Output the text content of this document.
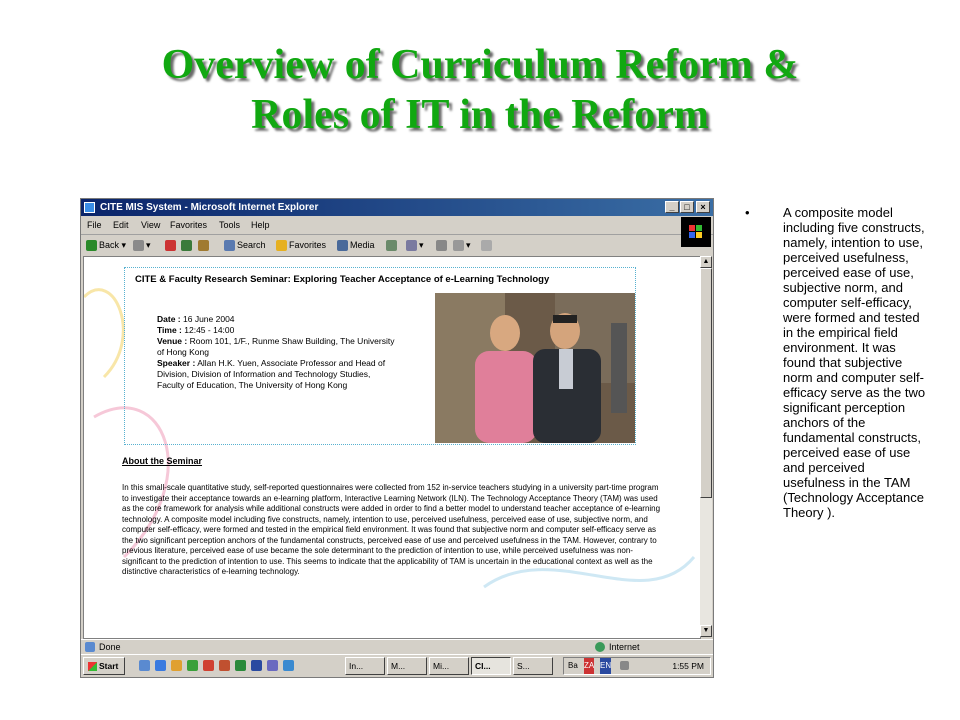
Overview of Curriculum Reform &
Roles of IT in the Reform
CITE MIS System - Microsoft Internet Explorer	_	□	×
File Edit View Favorites Tools Help
Back ▾	▾	Search	Favorites	Media	▾	▾
CITE & Faculty Research Seminar: Exploring Teacher Acceptance of e-Learning Technology
Date : 16 June 2004
Time : 12:45 - 14:00
Venue : Room 101, 1/F., Runme Shaw Building, The University of Hong Kong
Speaker : Allan H.K. Yuen, Associate Professor and Head of Division, Division of Information and Technology Studies, Faculty of Education, The University of Hong Kong
About the Seminar
In this small-scale quantitative study, self-reported questionnaires were collected from 152 in-service teachers studying in a university part-time program to investigate their acceptance towards an e-learning platform, Interactive Learning Network (ILN). The Technology Acceptance Theory (TAM) was used as the core framework for analysis while additional constructs were added in order to find a better model to understand teacher acceptance of e-learning technology. A composite model including five constructs, namely, intention to use, perceived usefulness, perceived ease of use, subjective norm, and computer self-efficacy, were formed and tested in the empirical field environment. It was found that subjective norm and computer self-efficacy serve as the two significant perception anchors of the fundamental constructs, perceived ease of use and perceived usefulness in the TAM. However, contrary to previous literature, perceived ease of use became the sole determinant to the prediction of intention to use, while perceived usefulness was non-significant to the prediction of intention to use. This seems to indicate that the applicability of TAM is uncertain in the educational context as well as the distinctive characteristics of e-learning technology.
▲
▼
Done	Internet
Start	In...	M...	Mi...	CI...	S...	Ba ZA EN	1:55 PM
•	A composite model including five constructs, namely, intention to use, perceived usefulness, perceived ease of use, subjective norm, and computer self-efficacy, were formed and tested in the empirical field environment. It was found that subjective norm and computer self-efficacy serve as the two significant perception anchors of the fundamental constructs, perceived ease of use and perceived usefulness in the TAM (Technology Acceptance Theory ).
